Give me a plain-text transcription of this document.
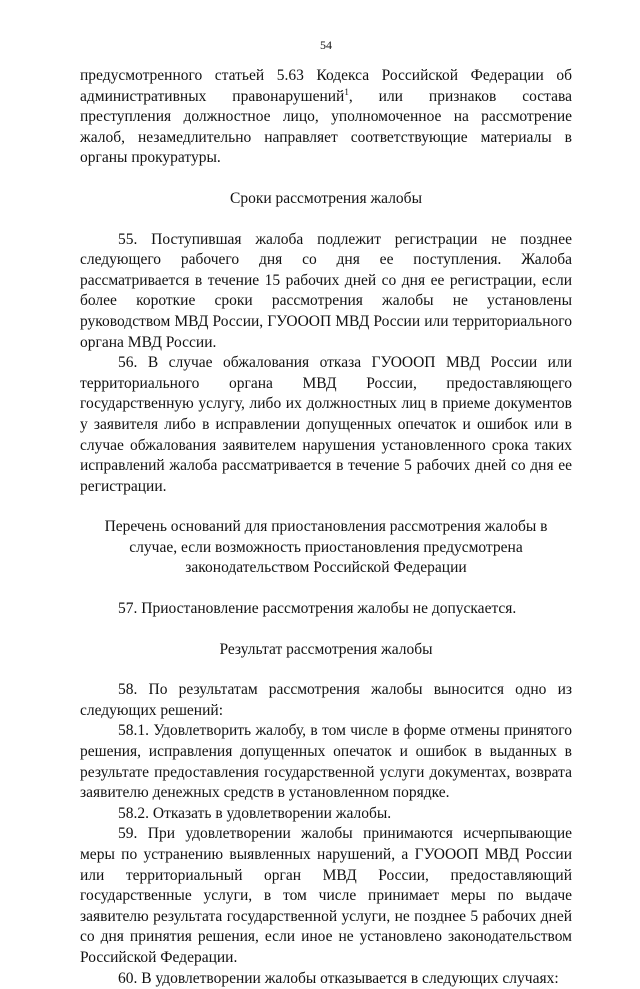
54

предусмотренного статьей 5.63 Кодекса Российской Федерации об административных правонарушений$^1$, или признаков состава преступления должностное лицо, уполномоченное на рассмотрение жалоб, незамедлительно направляет соответствующие материалы в органы прокуратуры.

Сроки рассмотрения жалобы

55. Поступившая жалоба подлежит регистрации не позднее следующего рабочего дня со дня ее поступления. Жалоба рассматривается в течение 15 рабочих дней со дня ее регистрации, если более короткие сроки рассмотрения жалобы не установлены руководством МВД России, ГУОООП МВД России или территориального органа МВД России.

56. В случае обжалования отказа ГУОООП МВД России или территориального органа МВД России, предоставляющего государственную услугу, либо их должностных лиц в приеме документов у заявителя либо в исправлении допущенных опечаток и ошибок или в случае обжалования заявителем нарушения установленного срока таких исправлений жалоба рассматривается в течение 5 рабочих дней со дня ее регистрации.

Перечень оснований для приостановления рассмотрения жалобы в случае, если возможность приостановления предусмотрена законодательством Российской Федерации

57. Приостановление рассмотрения жалобы не допускается.

Результат рассмотрения жалобы

58. По результатам рассмотрения жалобы выносится одно из следующих решений:

58.1. Удовлетворить жалобу, в том числе в форме отмены принятого решения, исправления допущенных опечаток и ошибок в выданных в результате предоставления государственной услуги документах, возврата заявителю денежных средств в установленном порядке.

58.2. Отказать в удовлетворении жалобы.

59. При удовлетворении жалобы принимаются исчерпывающие меры по устранению выявленных нарушений, а ГУОООП МВД России или территориальный орган МВД России, предоставляющий государственные услуги, в том числе принимает меры по выдаче заявителю результата государственной услуги, не позднее 5 рабочих дней со дня принятия решения, если иное не установлено законодательством Российской Федерации.

60. В удовлетворении жалобы отказывается в следующих случаях:
